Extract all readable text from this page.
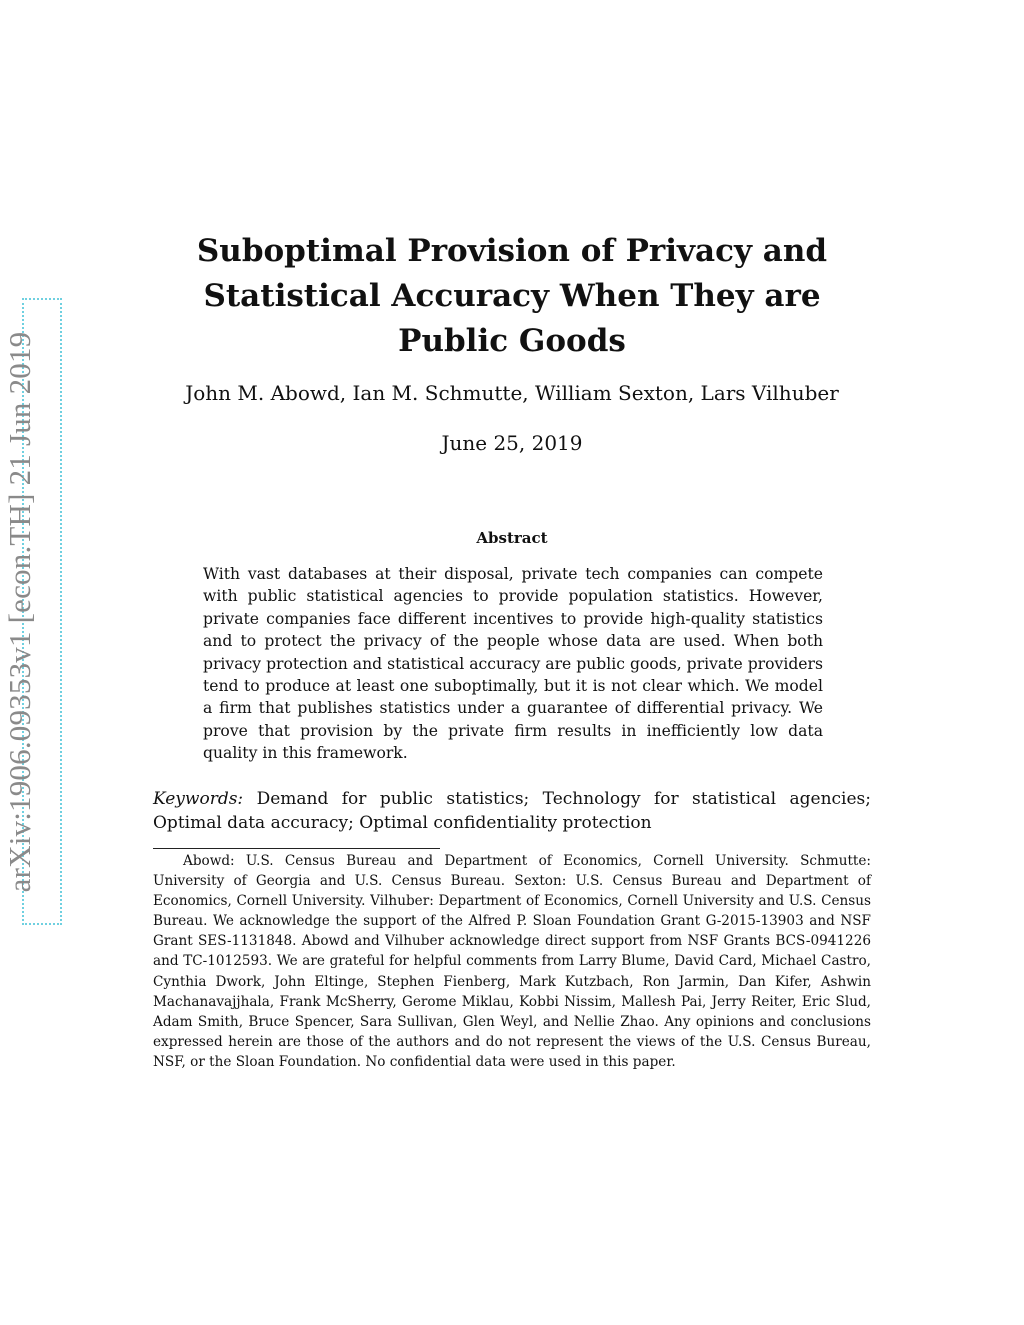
arXiv:1906.09353v1 [econ.TH] 21 Jun 2019
Suboptimal Provision of Privacy and Statistical Accuracy When They are Public Goods
John M. Abowd, Ian M. Schmutte, William Sexton, Lars Vilhuber
June 25, 2019
Abstract
With vast databases at their disposal, private tech companies can compete with public statistical agencies to provide population statistics. However, private companies face different incentives to provide high-quality statistics and to protect the privacy of the people whose data are used. When both privacy protection and statistical accuracy are public goods, private providers tend to produce at least one suboptimally, but it is not clear which. We model a firm that publishes statistics under a guarantee of differential privacy. We prove that provision by the private firm results in inefficiently low data quality in this framework.
Keywords: Demand for public statistics; Technology for statistical agencies; Optimal data accuracy; Optimal confidentiality protection
Abowd: U.S. Census Bureau and Department of Economics, Cornell University. Schmutte: University of Georgia and U.S. Census Bureau. Sexton: U.S. Census Bureau and Department of Economics, Cornell University. Vilhuber: Department of Economics, Cornell University and U.S. Census Bureau. We acknowledge the support of the Alfred P. Sloan Foundation Grant G-2015-13903 and NSF Grant SES-1131848. Abowd and Vilhuber acknowledge direct support from NSF Grants BCS-0941226 and TC-1012593. We are grateful for helpful comments from Larry Blume, David Card, Michael Castro, Cynthia Dwork, John Eltinge, Stephen Fienberg, Mark Kutzbach, Ron Jarmin, Dan Kifer, Ashwin Machanavajjhala, Frank McSherry, Gerome Miklau, Kobbi Nissim, Mallesh Pai, Jerry Reiter, Eric Slud, Adam Smith, Bruce Spencer, Sara Sullivan, Glen Weyl, and Nellie Zhao. Any opinions and conclusions expressed herein are those of the authors and do not represent the views of the U.S. Census Bureau, NSF, or the Sloan Foundation. No confidential data were used in this paper.
